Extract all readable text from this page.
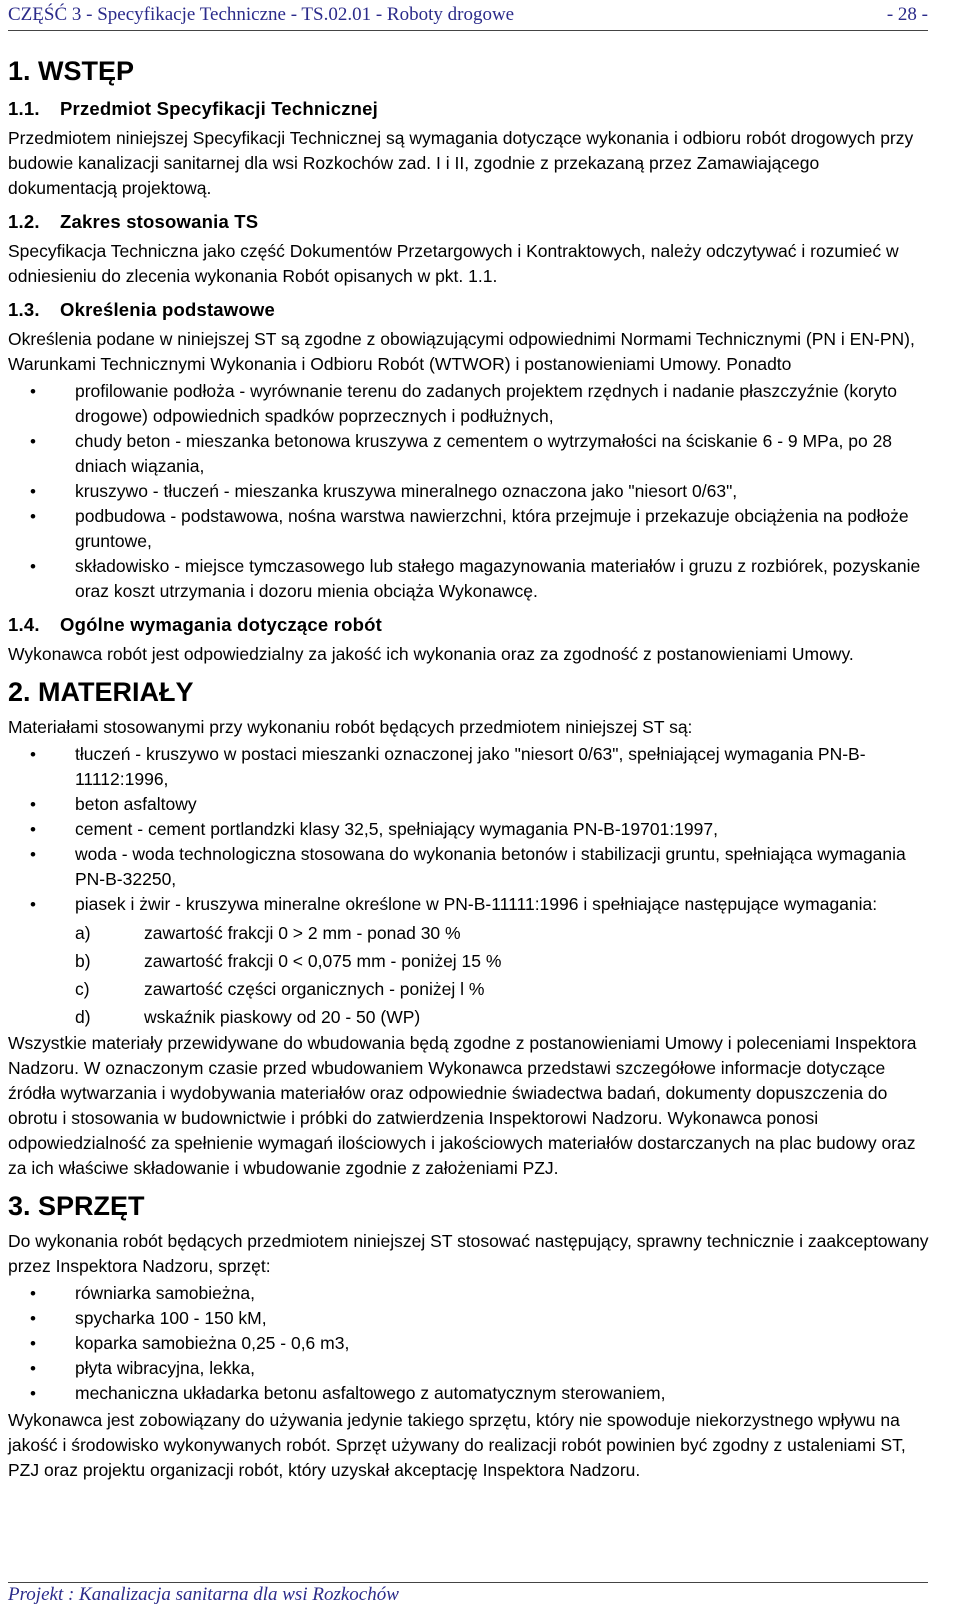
CZĘŚĆ 3 - Specyfikacje Techniczne - TS.02.01 - Roboty drogowe	- 28 -
1. WSTĘP
1.1. Przedmiot Specyfikacji Technicznej

Przedmiotem niniejszej Specyfikacji Technicznej są wymagania dotyczące wykonania i odbioru robót drogowych przy budowie kanalizacji sanitarnej dla wsi Rozkochów zad. I i II, zgodnie z przekazaną przez Zamawiającego dokumentacją projektową.

1.2. Zakres stosowania TS

Specyfikacja Techniczna jako część Dokumentów Przetargowych i Kontraktowych, należy odczytywać i rozumieć w odniesieniu do zlecenia wykonania Robót opisanych w pkt. 1.1.

1.3. Określenia podstawowe

Określenia podane w niniejszej ST są zgodne z obowiązującymi odpowiednimi Normami Technicznymi (PN i EN-PN), Warunkami Technicznymi Wykonania i Odbioru Robót (WTWOR) i postanowieniami Umowy. Ponadto

• profilowanie podłoża - wyrównanie terenu do zadanych projektem rzędnych i nadanie płaszczyźnie (koryto drogowe) odpowiednich spadków poprzecznych i podłużnych,
• chudy beton - mieszanka betonowa kruszywa z cementem o wytrzymałości na ściskanie 6 - 9 MPa, po 28 dniach wiązania,
• kruszywo - tłuczeń - mieszanka kruszywa mineralnego oznaczona jako "niesort 0/63",
• podbudowa - podstawowa, nośna warstwa nawierzchni, która przejmuje i przekazuje obciążenia na podłoże gruntowe,
• składowisko - miejsce tymczasowego lub stałego magazynowania materiałów i gruzu z rozbiórek, pozyskanie oraz koszt utrzymania i dozoru mienia obciąża Wykonawcę.
1.4. Ogólne wymagania dotyczące robót

Wykonawca robót jest odpowiedzialny za jakość ich wykonania oraz za zgodność z postanowieniami Umowy.

2. MATERIAŁY

Materiałami stosowanymi przy wykonaniu robót będących przedmiotem niniejszej ST są:

• tłuczeń - kruszywo w postaci mieszanki oznaczonej jako "niesort 0/63", spełniającej wymagania PN-B-11112:1996,
• beton asfaltowy
• cement - cement portlandzki klasy 32,5, spełniający wymagania PN-B-19701:1997,
• woda - woda technologiczna stosowana do wykonania betonów i stabilizacji gruntu, spełniająca wymagania PN-B-32250,
• piasek i żwir - kruszywa mineralne określone w PN-B-11111:1996 i spełniające następujące wymagania:
a)	zawartość frakcji 0 > 2 mm - ponad 30 %
b)	zawartość frakcji 0 < 0,075 mm - poniżej 15 %
c)	zawartość części organicznych - poniżej l %
d)	wskaźnik piaskowy od 20 - 50 (WP)

Wszystkie materiały przewidywane do wbudowania będą zgodne z postanowieniami Umowy i poleceniami Inspektora Nadzoru. W oznaczonym czasie przed wbudowaniem Wykonawca przedstawi szczegółowe informacje dotyczące źródła wytwarzania i wydobywania materiałów oraz odpowiednie świadectwa badań, dokumenty dopuszczenia do obrotu i stosowania w budownictwie i próbki do zatwierdzenia Inspektorowi Nadzoru. Wykonawca ponosi odpowiedzialność za spełnienie wymagań ilościowych i jakościowych materiałów dostarczanych na plac budowy oraz za ich właściwe składowanie i wbudowanie zgodnie z założeniami PZJ.

3. SPRZĘT

Do wykonania robót będących przedmiotem niniejszej ST stosować następujący, sprawny technicznie i zaakceptowany przez Inspektora Nadzoru, sprzęt:

• równiarka samobieżna,
• spycharka 100 - 150 kM,
• koparka samobieżna 0,25 - 0,6 m3,
• płyta wibracyjna, lekka,
• mechaniczna układarka betonu asfaltowego z automatycznym sterowaniem,

Wykonawca jest zobowiązany do używania jedynie takiego sprzętu, który nie spowoduje niekorzystnego wpływu na jakość i środowisko wykonywanych robót. Sprzęt używany do realizacji robót powinien być zgodny z ustaleniami ST, PZJ oraz projektu organizacji robót, który uzyskał akceptację Inspektora Nadzoru.

Projekt : Kanalizacja sanitarna dla wsi Rozkochów
